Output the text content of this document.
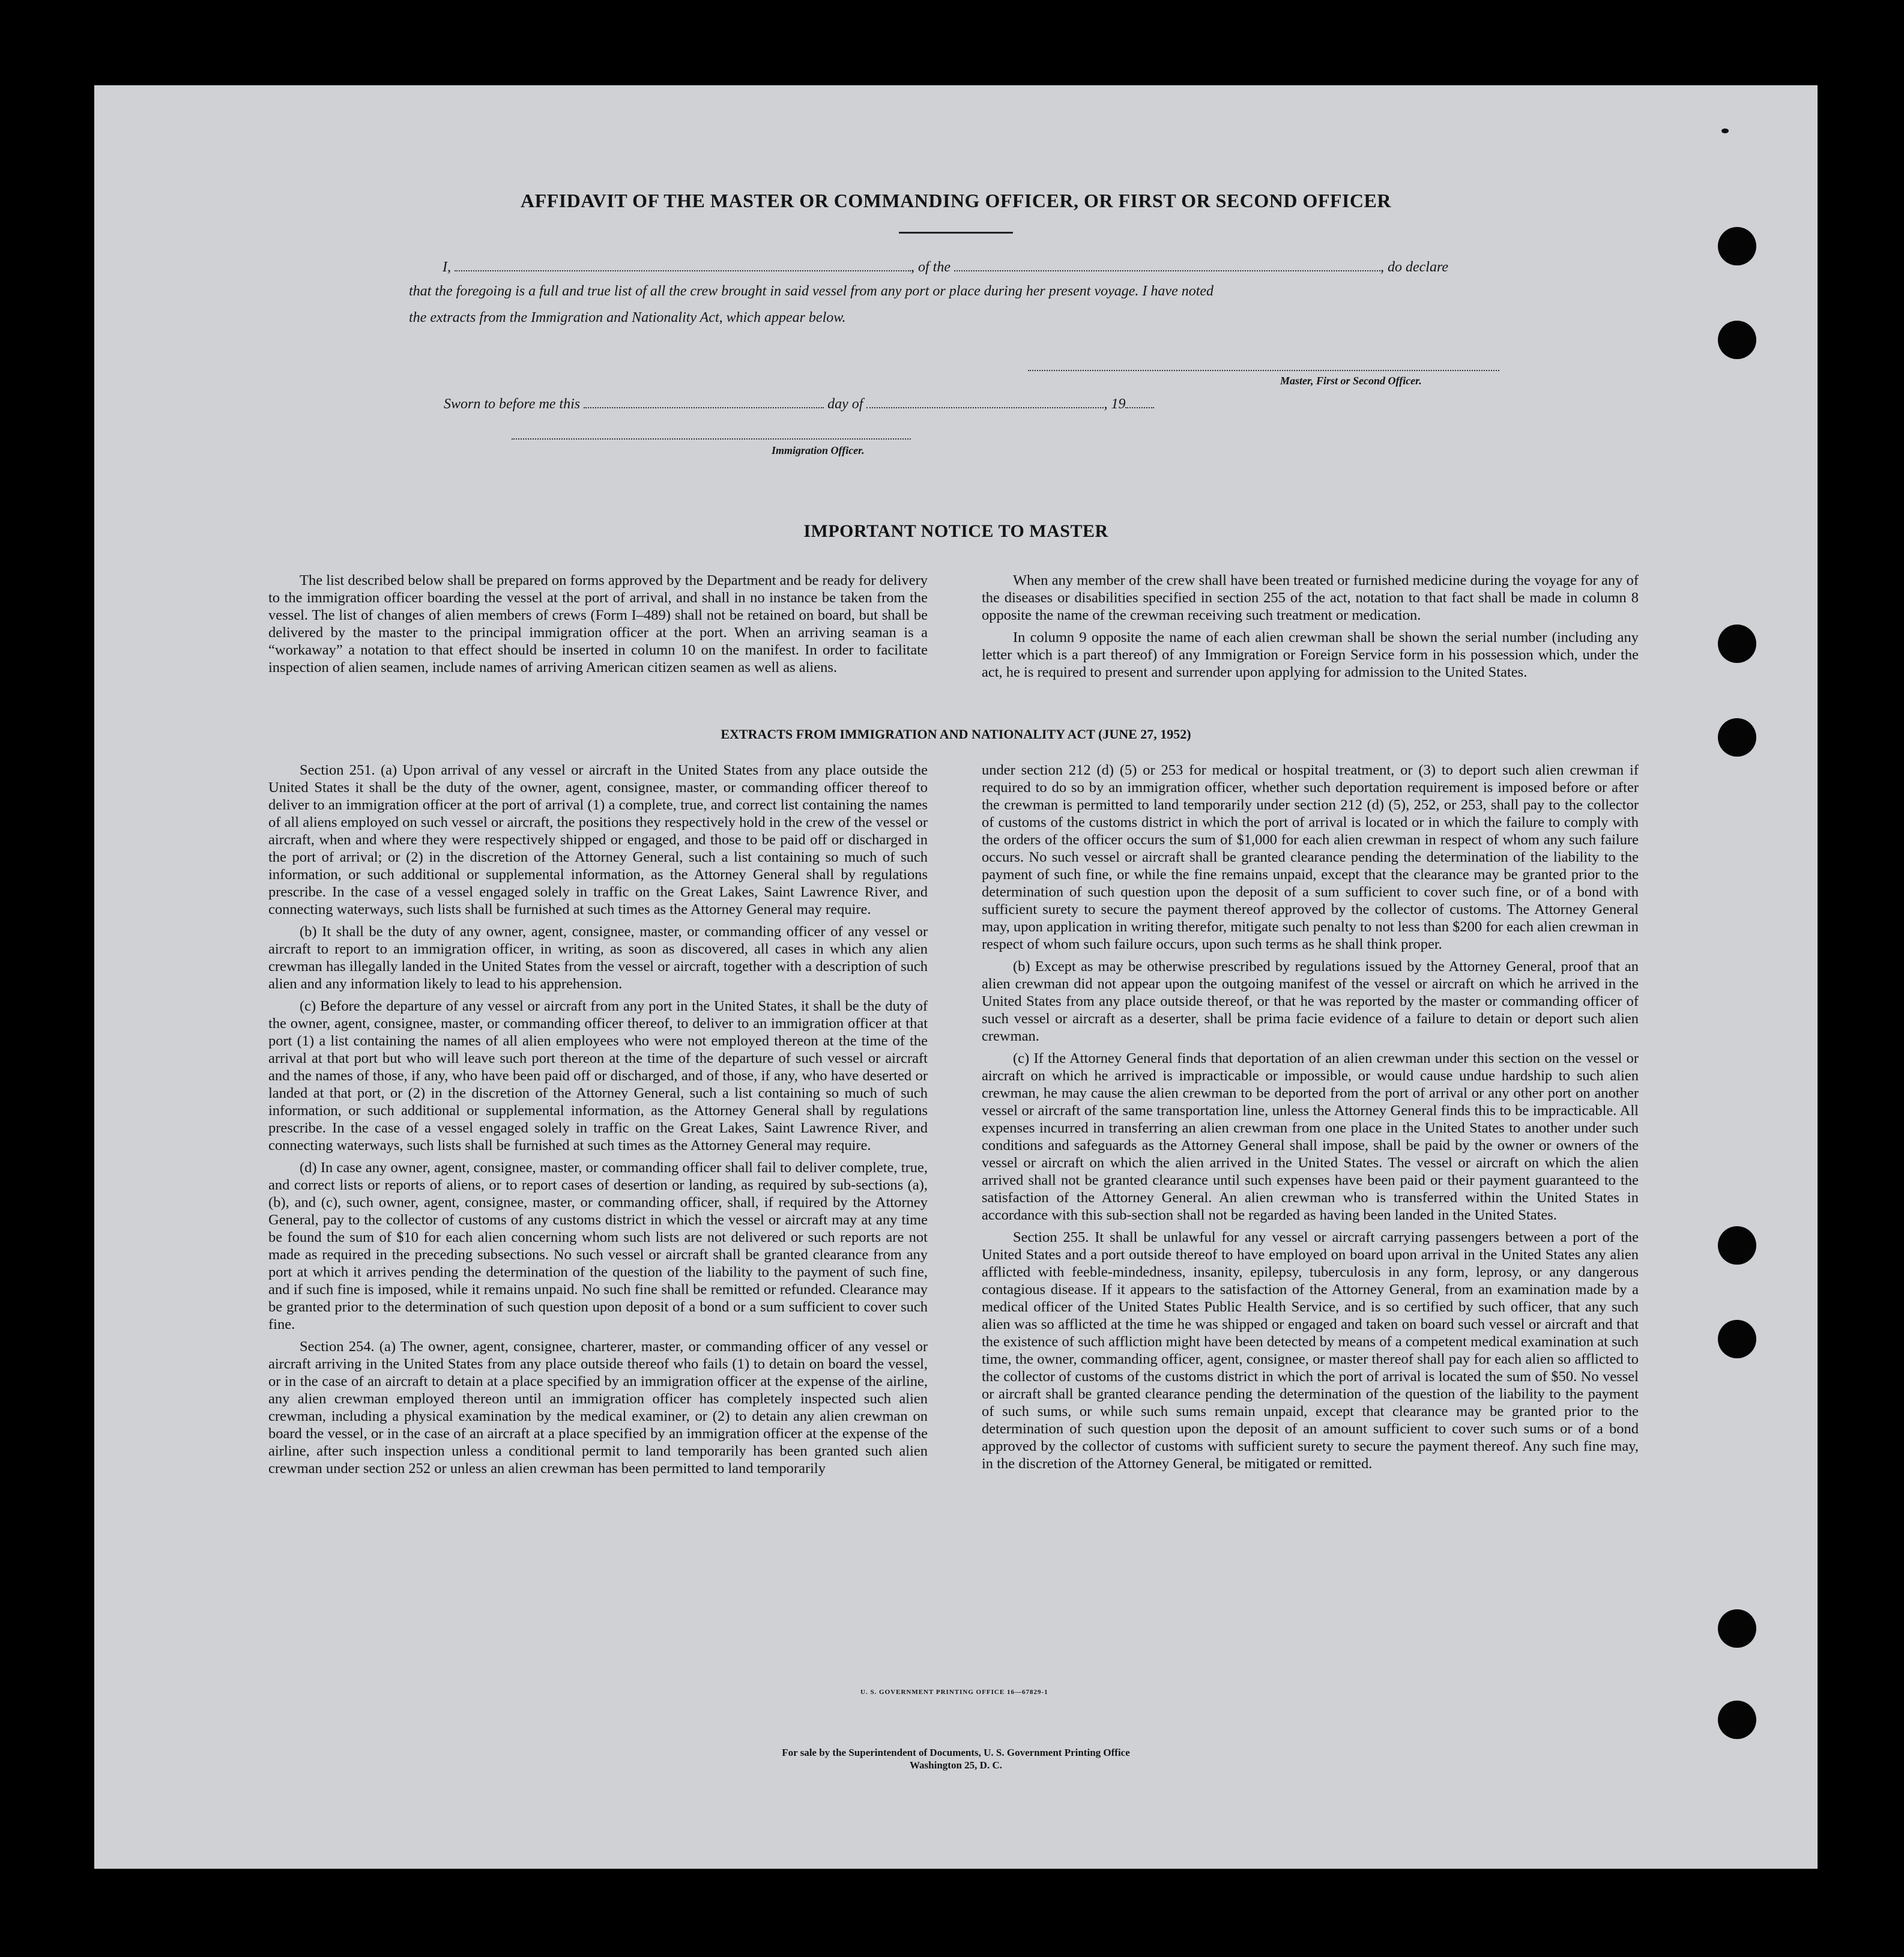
AFFIDAVIT OF THE MASTER OR COMMANDING OFFICER, OR FIRST OR SECOND OFFICER
I,	, of the	, do declare
that the foregoing is a full and true list of all the crew brought in said vessel from any port or place during her present voyage. I have noted
the extracts from the Immigration and Nationality Act, which appear below.
Master, First or Second Officer.
Sworn to before me this	day of	, 19
Immigration Officer.
IMPORTANT NOTICE TO MASTER

The list described below shall be prepared on forms approved by the Department and be ready for delivery to the immigration officer boarding the vessel at the port of arrival, and shall in no instance be taken from the vessel. The list of changes of alien members of crews (Form I–489) shall not be retained on board, but shall be delivered by the master to the principal immigration officer at the port. When an arriving seaman is a “workaway” a notation to that effect should be inserted in column 10 on the manifest. In order to facilitate inspection of alien seamen, include names of arriving American citizen seamen as well as aliens.

When any member of the crew shall have been treated or furnished medicine during the voyage for any of the diseases or disabilities specified in section 255 of the act, notation to that fact shall be made in column 8 opposite the name of the crewman receiving such treatment or medication.

In column 9 opposite the name of each alien crewman shall be shown the serial number (including any letter which is a part thereof) of any Immigration or Foreign Service form in his possession which, under the act, he is required to present and surrender upon applying for admission to the United States.

EXTRACTS FROM IMMIGRATION AND NATIONALITY ACT (JUNE 27, 1952)

Section 251. (a) Upon arrival of any vessel or aircraft in the United States from any place outside the United States it shall be the duty of the owner, agent, consignee, master, or commanding officer thereof to deliver to an immigration officer at the port of arrival (1) a complete, true, and correct list containing the names of all aliens employed on such vessel or aircraft, the positions they respectively hold in the crew of the vessel or aircraft, when and where they were respectively shipped or engaged, and those to be paid off or discharged in the port of arrival; or (2) in the discretion of the Attorney General, such a list containing so much of such information, or such additional or supplemental information, as the Attorney General shall by regulations prescribe. In the case of a vessel engaged solely in traffic on the Great Lakes, Saint Lawrence River, and connecting waterways, such lists shall be furnished at such times as the Attorney General may require.

(b) It shall be the duty of any owner, agent, consignee, master, or commanding officer of any vessel or aircraft to report to an immigration officer, in writing, as soon as discovered, all cases in which any alien crewman has illegally landed in the United States from the vessel or aircraft, together with a description of such alien and any information likely to lead to his apprehension.

(c) Before the departure of any vessel or aircraft from any port in the United States, it shall be the duty of the owner, agent, consignee, master, or commanding officer thereof, to deliver to an immigration officer at that port (1) a list containing the names of all alien employees who were not employed thereon at the time of the arrival at that port but who will leave such port thereon at the time of the departure of such vessel or aircraft and the names of those, if any, who have been paid off or discharged, and of those, if any, who have deserted or landed at that port, or (2) in the discretion of the Attorney General, such a list containing so much of such information, or such additional or supplemental information, as the Attorney General shall by regulations prescribe. In the case of a vessel engaged solely in traffic on the Great Lakes, Saint Lawrence River, and connecting waterways, such lists shall be furnished at such times as the Attorney General may require.

(d) In case any owner, agent, consignee, master, or commanding officer shall fail to deliver complete, true, and correct lists or reports of aliens, or to report cases of desertion or landing, as required by sub-sections (a), (b), and (c), such owner, agent, consignee, master, or commanding officer, shall, if required by the Attorney General, pay to the collector of customs of any customs district in which the vessel or aircraft may at any time be found the sum of $10 for each alien concerning whom such lists are not delivered or such reports are not made as required in the preceding subsections. No such vessel or aircraft shall be granted clearance from any port at which it arrives pending the determination of the question of the liability to the payment of such fine, and if such fine is imposed, while it remains unpaid. No such fine shall be remitted or refunded. Clearance may be granted prior to the determination of such question upon deposit of a bond or a sum sufficient to cover such fine.

Section 254. (a) The owner, agent, consignee, charterer, master, or commanding officer of any vessel or aircraft arriving in the United States from any place outside thereof who fails (1) to detain on board the vessel, or in the case of an aircraft to detain at a place specified by an immigration officer at the expense of the airline, any alien crewman employed thereon until an immigration officer has completely inspected such alien crewman, including a physical examination by the medical examiner, or (2) to detain any alien crewman on board the vessel, or in the case of an aircraft at a place specified by an immigration officer at the expense of the airline, after such inspection unless a conditional permit to land temporarily has been granted such alien crewman under section 252 or unless an alien crewman has been permitted to land temporarily

under section 212 (d) (5) or 253 for medical or hospital treatment, or (3) to deport such alien crewman if required to do so by an immigration officer, whether such deportation requirement is imposed before or after the crewman is permitted to land temporarily under section 212 (d) (5), 252, or 253, shall pay to the collector of customs of the customs district in which the port of arrival is located or in which the failure to comply with the orders of the officer occurs the sum of $1,000 for each alien crewman in respect of whom any such failure occurs. No such vessel or aircraft shall be granted clearance pending the determination of the liability to the payment of such fine, or while the fine remains unpaid, except that the clearance may be granted prior to the determination of such question upon the deposit of a sum sufficient to cover such fine, or of a bond with sufficient surety to secure the payment thereof approved by the collector of customs. The Attorney General may, upon application in writing therefor, mitigate such penalty to not less than $200 for each alien crewman in respect of whom such failure occurs, upon such terms as he shall think proper.

(b) Except as may be otherwise prescribed by regulations issued by the Attorney General, proof that an alien crewman did not appear upon the outgoing manifest of the vessel or aircraft on which he arrived in the United States from any place outside thereof, or that he was reported by the master or commanding officer of such vessel or aircraft as a deserter, shall be prima facie evidence of a failure to detain or deport such alien crewman.

(c) If the Attorney General finds that deportation of an alien crewman under this section on the vessel or aircraft on which he arrived is impracticable or impossible, or would cause undue hardship to such alien crewman, he may cause the alien crewman to be deported from the port of arrival or any other port on another vessel or aircraft of the same transportation line, unless the Attorney General finds this to be impracticable. All expenses incurred in transferring an alien crewman from one place in the United States to another under such conditions and safeguards as the Attorney General shall impose, shall be paid by the owner or owners of the vessel or aircraft on which the alien arrived in the United States. The vessel or aircraft on which the alien arrived shall not be granted clearance until such expenses have been paid or their payment guaranteed to the satisfaction of the Attorney General. An alien crewman who is transferred within the United States in accordance with this sub-section shall not be regarded as having been landed in the United States.

Section 255. It shall be unlawful for any vessel or aircraft carrying passengers between a port of the United States and a port outside thereof to have employed on board upon arrival in the United States any alien afflicted with feeble-mindedness, insanity, epilepsy, tuberculosis in any form, leprosy, or any dangerous contagious disease. If it appears to the satisfaction of the Attorney General, from an examination made by a medical officer of the United States Public Health Service, and is so certified by such officer, that any such alien was so afflicted at the time he was shipped or engaged and taken on board such vessel or aircraft and that the existence of such affliction might have been detected by means of a competent medical examination at such time, the owner, commanding officer, agent, consignee, or master thereof shall pay for each alien so afflicted to the collector of customs of the customs district in which the port of arrival is located the sum of $50. No vessel or aircraft shall be granted clearance pending the determination of the question of the liability to the payment of such sums, or while such sums remain unpaid, except that clearance may be granted prior to the determination of such question upon the deposit of an amount sufficient to cover such sums or of a bond approved by the collector of customs with sufficient surety to secure the payment thereof. Any such fine may, in the discretion of the Attorney General, be mitigated or remitted.

U. S. GOVERNMENT PRINTING OFFICE 16—67829-1
For sale by the Superintendent of Documents, U. S. Government Printing Office
Washington 25, D. C.
